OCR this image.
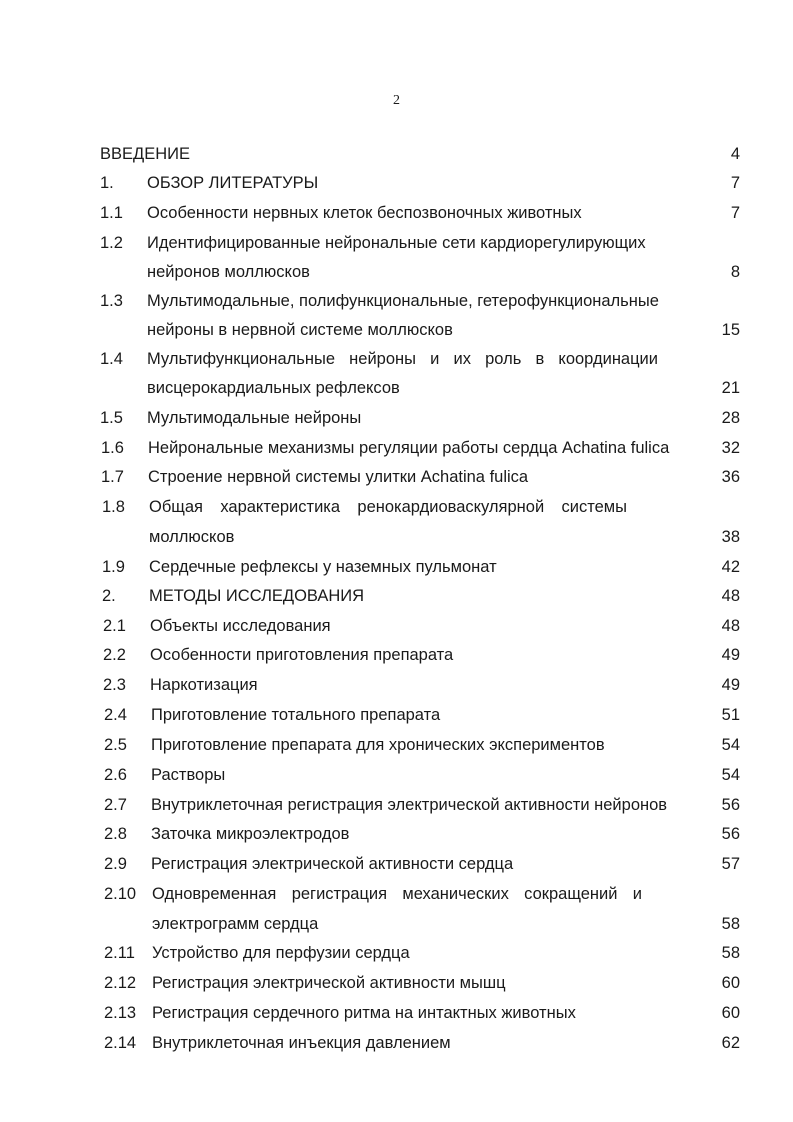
2
ВВЕДЕНИЕ	4
1. ОБЗОР ЛИТЕРАТУРЫ	7
1.1 Особенности нервных клеток беспозвоночных животных	7
1.2 Идентифицированные нейрональные сети кардиорегулирующих
нейронов моллюсков	8
1.3 Мультимодальные, полифункциональные, гетерофункциональные
нейроны в нервной системе моллюсков	15
1.4 Мультифункциональные нейроны и их роль в координации
висцерокардиальных рефлексов	21
1.5 Мультимодальные нейроны	28
1.6 Нейрональные механизмы регуляции работы сердца Achatina fulica	32
1.7 Строение нервной системы улитки Achatina fulica	36
1.8 Общая характеристика ренокардиоваскулярной системы
моллюсков	38
1.9 Сердечные рефлексы у наземных пульмонат	42
2. МЕТОДЫ ИССЛЕДОВАНИЯ	48
2.1 Объекты исследования	48
2.2 Особенности приготовления препарата	49
2.3 Наркотизация	49
2.4 Приготовление тотального препарата	51
2.5 Приготовление препарата для хронических экспериментов	54
2.6 Растворы	54
2.7 Внутриклеточная регистрация электрической активности нейронов	56
2.8 Заточка микроэлектродов	56
2.9 Регистрация электрической активности сердца	57
2.10 Одновременная регистрация механических сокращений и
электрограмм сердца	58
2.11 Устройство для перфузии сердца	58
2.12 Регистрация электрической активности мышц	60
2.13 Регистрация сердечного ритма на интактных животных	60
2.14 Внутриклеточная инъекция давлением	62
